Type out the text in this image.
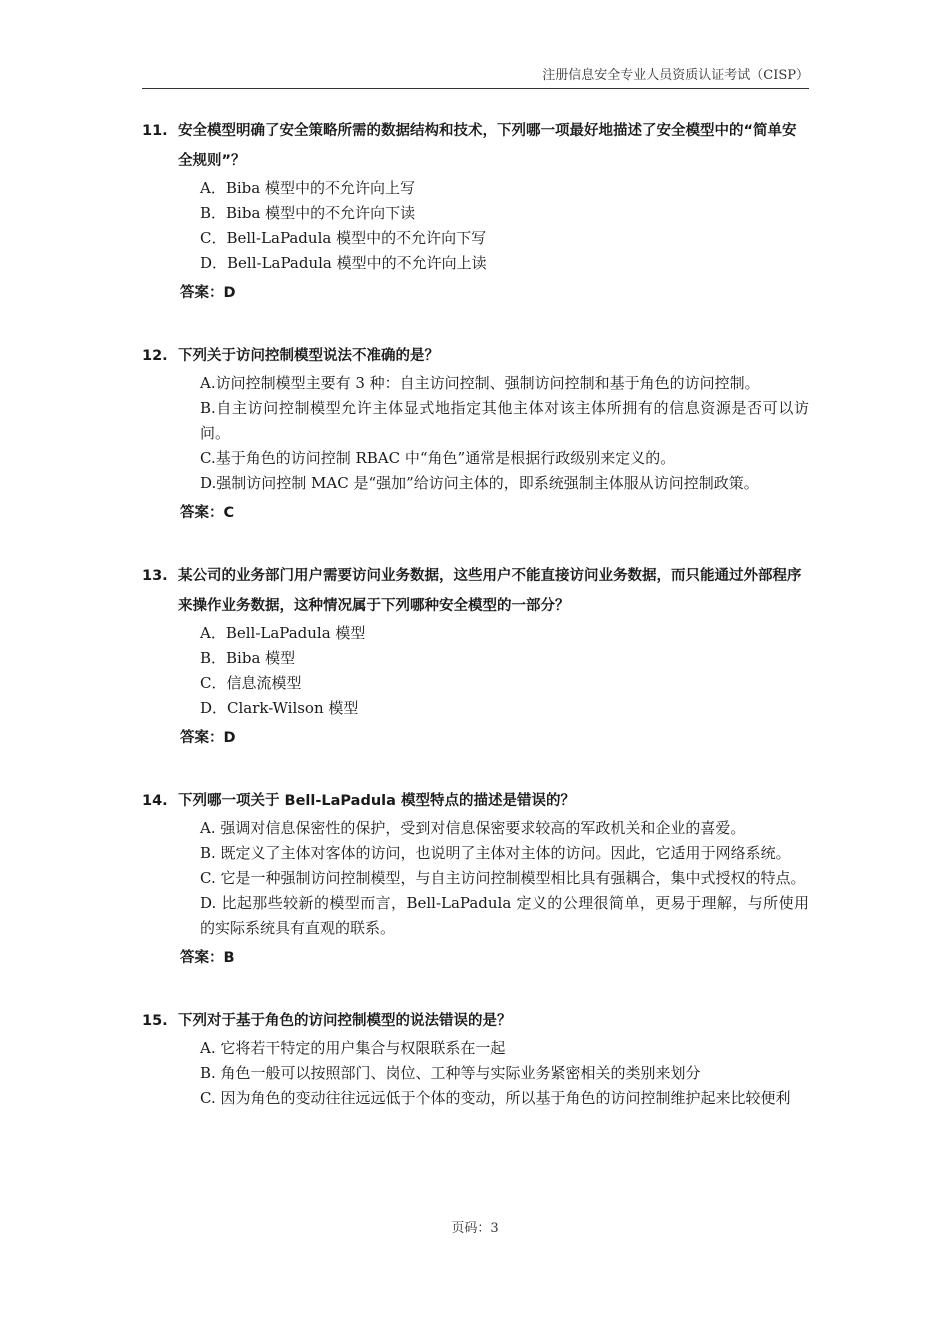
注册信息安全专业人员资质认证考试（CISP）
11. 安全模型明确了安全策略所需的数据结构和技术，下列哪一项最好地描述了安全模型中的“简单安全规则”？
A．Biba 模型中的不允许向上写
B．Biba 模型中的不允许向下读
C．Bell-LaPadula 模型中的不允许向下写
D．Bell-LaPadula 模型中的不允许向上读
答案：D
12. 下列关于访问控制模型说法不准确的是？
A.访问控制模型主要有 3 种：自主访问控制、强制访问控制和基于角色的访问控制。
B.自主访问控制模型允许主体显式地指定其他主体对该主体所拥有的信息资源是否可以访问。
C.基于角色的访问控制 RBAC 中“角色”通常是根据行政级别来定义的。
D.强制访问控制 MAC 是“强加”给访问主体的，即系统强制主体服从访问控制政策。
答案：C
13. 某公司的业务部门用户需要访问业务数据，这些用户不能直接访问业务数据，而只能通过外部程序来操作业务数据，这种情况属于下列哪种安全模型的一部分？
A．Bell-LaPadula 模型
B．Biba 模型
C．信息流模型
D．Clark-Wilson 模型
答案：D
14. 下列哪一项关于 Bell-LaPadula 模型特点的描述是错误的？
A. 强调对信息保密性的保护，受到对信息保密要求较高的军政机关和企业的喜爱。
B. 既定义了主体对客体的访问，也说明了主体对主体的访问。因此，它适用于网络系统。
C. 它是一种强制访问控制模型，与自主访问控制模型相比具有强耦合，集中式授权的特点。
D. 比起那些较新的模型而言，Bell-LaPadula 定义的公理很简单，更易于理解，与所使用的实际系统具有直观的联系。
答案：B
15. 下列对于基于角色的访问控制模型的说法错误的是？
A. 它将若干特定的用户集合与权限联系在一起
B. 角色一般可以按照部门、岗位、工种等与实际业务紧密相关的类别来划分
C. 因为角色的变动往往远远低于个体的变动，所以基于角色的访问控制维护起来比较便利
页码：3
